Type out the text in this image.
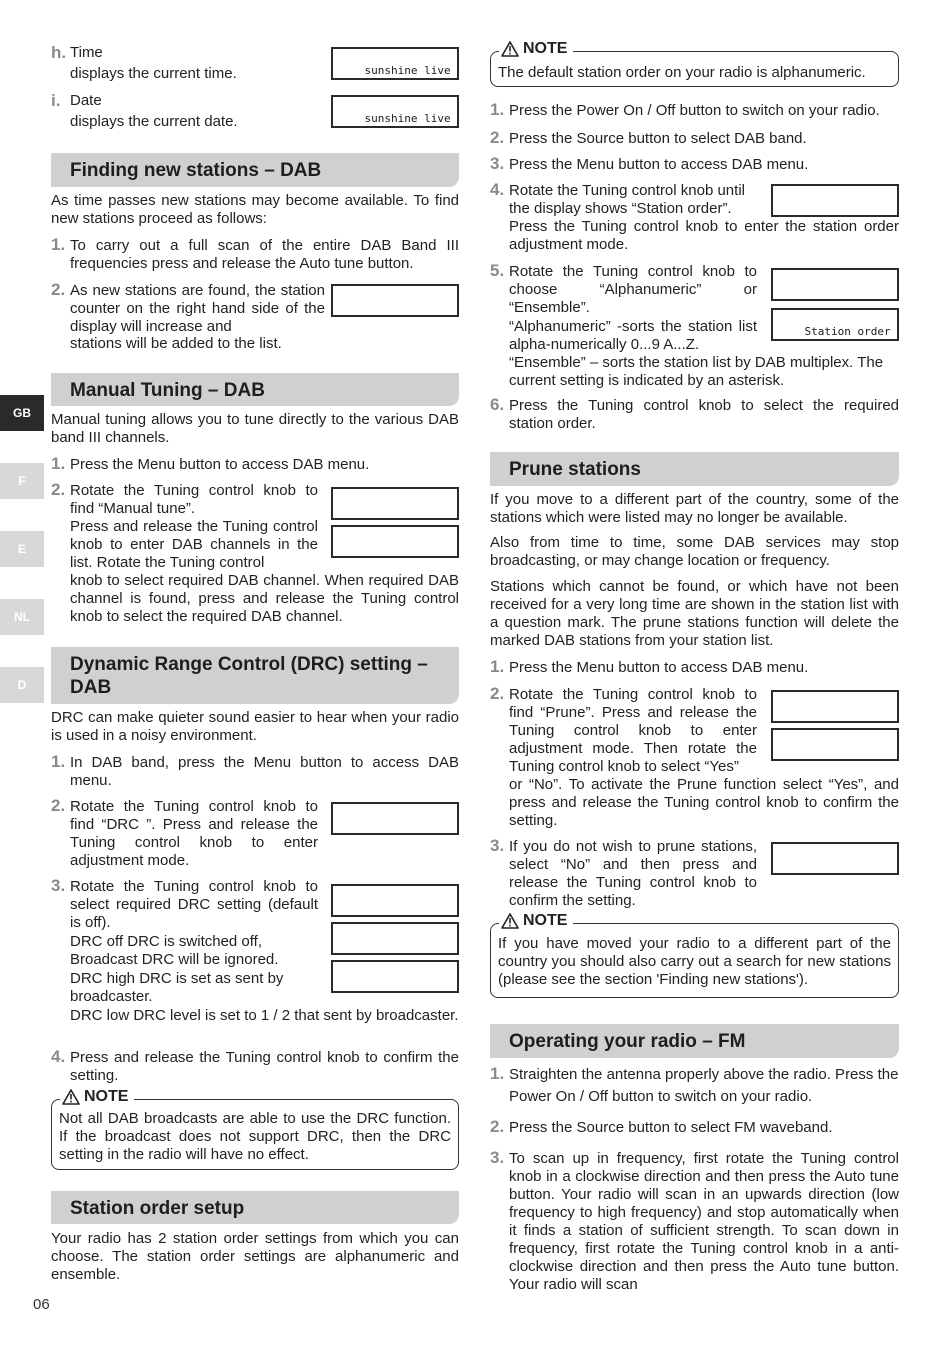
GB
F
E
NL
D
h. Time
displays the current time.	sunshine live

i. Date
displays the current date.	sunshine live

Finding new stations – DAB
As time passes new stations may become available. To find new stations proceed as follows:
1. To carry out a full scan of the entire DAB Band III frequencies press and release the Auto tune button.
2. As new stations are found, the station counter on the right hand side of the display will increase and
stations will be added to the list.

Manual Tuning – DAB
Manual tuning allows you to tune directly to the various DAB band III channels.
1. Press the Menu button to access DAB menu.
2. Rotate the Tuning control knob to find “Manual tune”.
Press and release the Tuning control knob to enter DAB channels in the list. Rotate the Tuning control
knob to select required DAB channel. When required DAB channel is found, press and release the Tuning control knob to select the required DAB channel.

Dynamic Range Control (DRC) setting – DAB
DRC can make quieter sound easier to hear when your radio is used in a noisy environment.
1. In DAB band, press the Menu button to access DAB menu.
2. Rotate the Tuning control knob to find “DRC ”. Press and release the Tuning control knob to enter adjustment mode.

3. Rotate the Tuning control knob to select required DRC setting (default is off).
DRC off DRC is switched off, Broadcast DRC will be ignored.
DRC high DRC is set as sent by broadcaster.
DRC low DRC level is set to 1 / 2 that sent by broadcaster.

4. Press and release the Tuning control knob to confirm the setting.
NOTE
Not all DAB broadcasts are able to use the DRC function. If the broadcast does not support DRC, then the DRC setting in the radio will have no effect.
Station order setup
Your radio has 2 station order settings from which you can choose. The station order settings are alphanumeric and ensemble.
NOTE
The default station order on your radio is alphanumeric.
1. Press the Power On / Off button to switch on your radio.
2. Press the Source button to select DAB band.
3. Press the Menu button to access DAB menu.
4. Rotate the Tuning control knob until the display shows “Station order”.
Press the Tuning control knob to enter the station order adjustment mode.

5. Rotate the Tuning control knob to choose “Alphanumeric” or “Ensemble”.
“Alphanumeric” -sorts the station list alpha-numerically 0...9 A...Z.
“Ensemble” – sorts the station list by DAB multiplex. The current setting is indicated by an asterisk.

Station order

6. Press the Tuning control knob to select the required station order.
Prune stations
If you move to a different part of the country, some of the stations which were listed may no longer be available.
Also from time to time, some DAB services may stop broadcasting, or may change location or frequency.
Stations which cannot be found, or which have not been received for a very long time are shown in the station list with a question mark. The prune stations function will delete the marked DAB stations from your station list.
1. Press the Menu button to access DAB menu.
2. Rotate the Tuning control knob to find “Prune”. Press and release the Tuning control knob to enter adjustment mode. Then rotate the Tuning control knob to select “Yes”
or “No”. To activate the Prune function select “Yes”, and press and release the Tuning control knob to confirm the setting.

3. If you do not wish to prune stations, select “No” and then press and release the Tuning control knob to confirm the setting.

NOTE
If you have moved your radio to a different part of the country you should also carry out a search for new stations (please see the section 'Finding new stations').
Operating your radio – FM
1. Straighten the antenna properly above the radio. Press the Power On / Off button to switch on your radio.
2. Press the Source button to select FM waveband.
3. To scan up in frequency, first rotate the Tuning control knob in a clockwise direction and then press the Auto tune button. Your radio will scan in an upwards direction (low frequency to high frequency) and stop automatically when it finds a station of sufficient strength. To scan down in frequency, first rotate the Tuning control knob in a anti-clockwise direction and then press the Auto tune button. Your radio will scan
06
